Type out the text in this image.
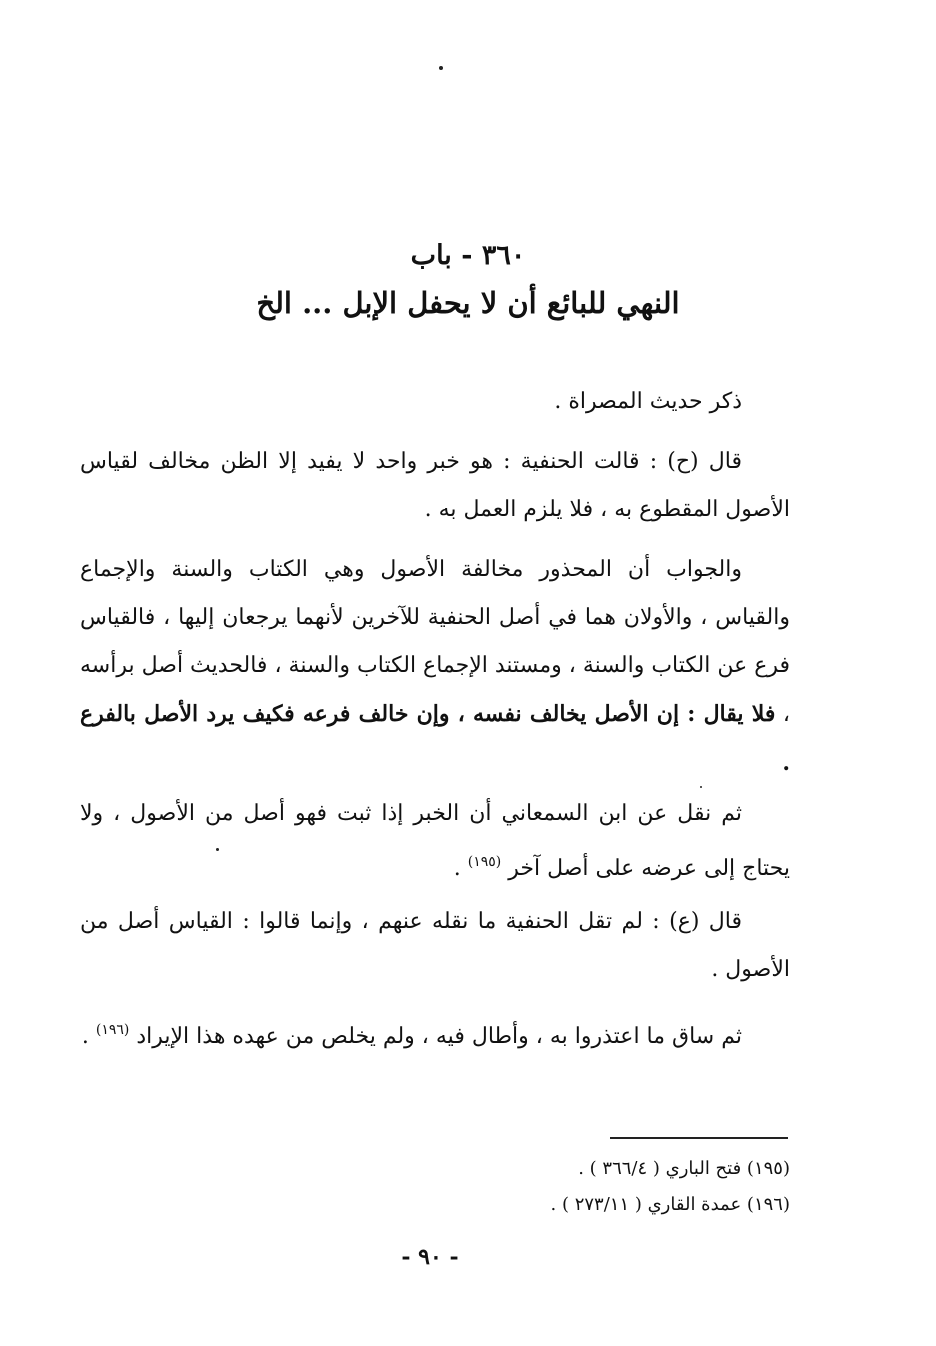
٣٦٠ - باب
النهي للبائع أن لا يحفل الإبل ... الخ

ذكر حديث المصراة .

قال (ح) : قالت الحنفية : هو خبر واحد لا يفيد إلا الظن مخالف لقياس الأصول المقطوع به ، فلا يلزم العمل به .

والجواب أن المحذور مخالفة الأصول وهي الكتاب والسنة والإجماع والقياس ، والأولان هما في أصل الحنفية للآخرين لأنهما يرجعان إليها ، فالقياس فرع عن الكتاب والسنة ، ومستند الإجماع الكتاب والسنة ، فالحديث أصل برأسه ، فلا يقال : إن الأصل يخالف نفسه ، وإن خالف فرعه فكيف يرد الأصل بالفرع .

ثم نقل عن ابن السمعاني أن الخبر إذا ثبت فهو أصل من الأصول ، ولا يحتاج إلى عرضه على أصل آخر $^{(١٩٥)}$ .

قال (ع) : لم تقل الحنفية ما نقله عنهم ، وإنما قالوا : القياس أصل من الأصول .

ثم ساق ما اعتذروا به ، وأطال فيه ، ولم يخلص من عهده هذا الإيراد $^{(١٩٦)}$ .

(١٩٥) فتح الباري ( ٣٦٦/٤ ) .
(١٩٦) عمدة القاري ( ٢٧٣/١١ ) .
- ٩٠ -
